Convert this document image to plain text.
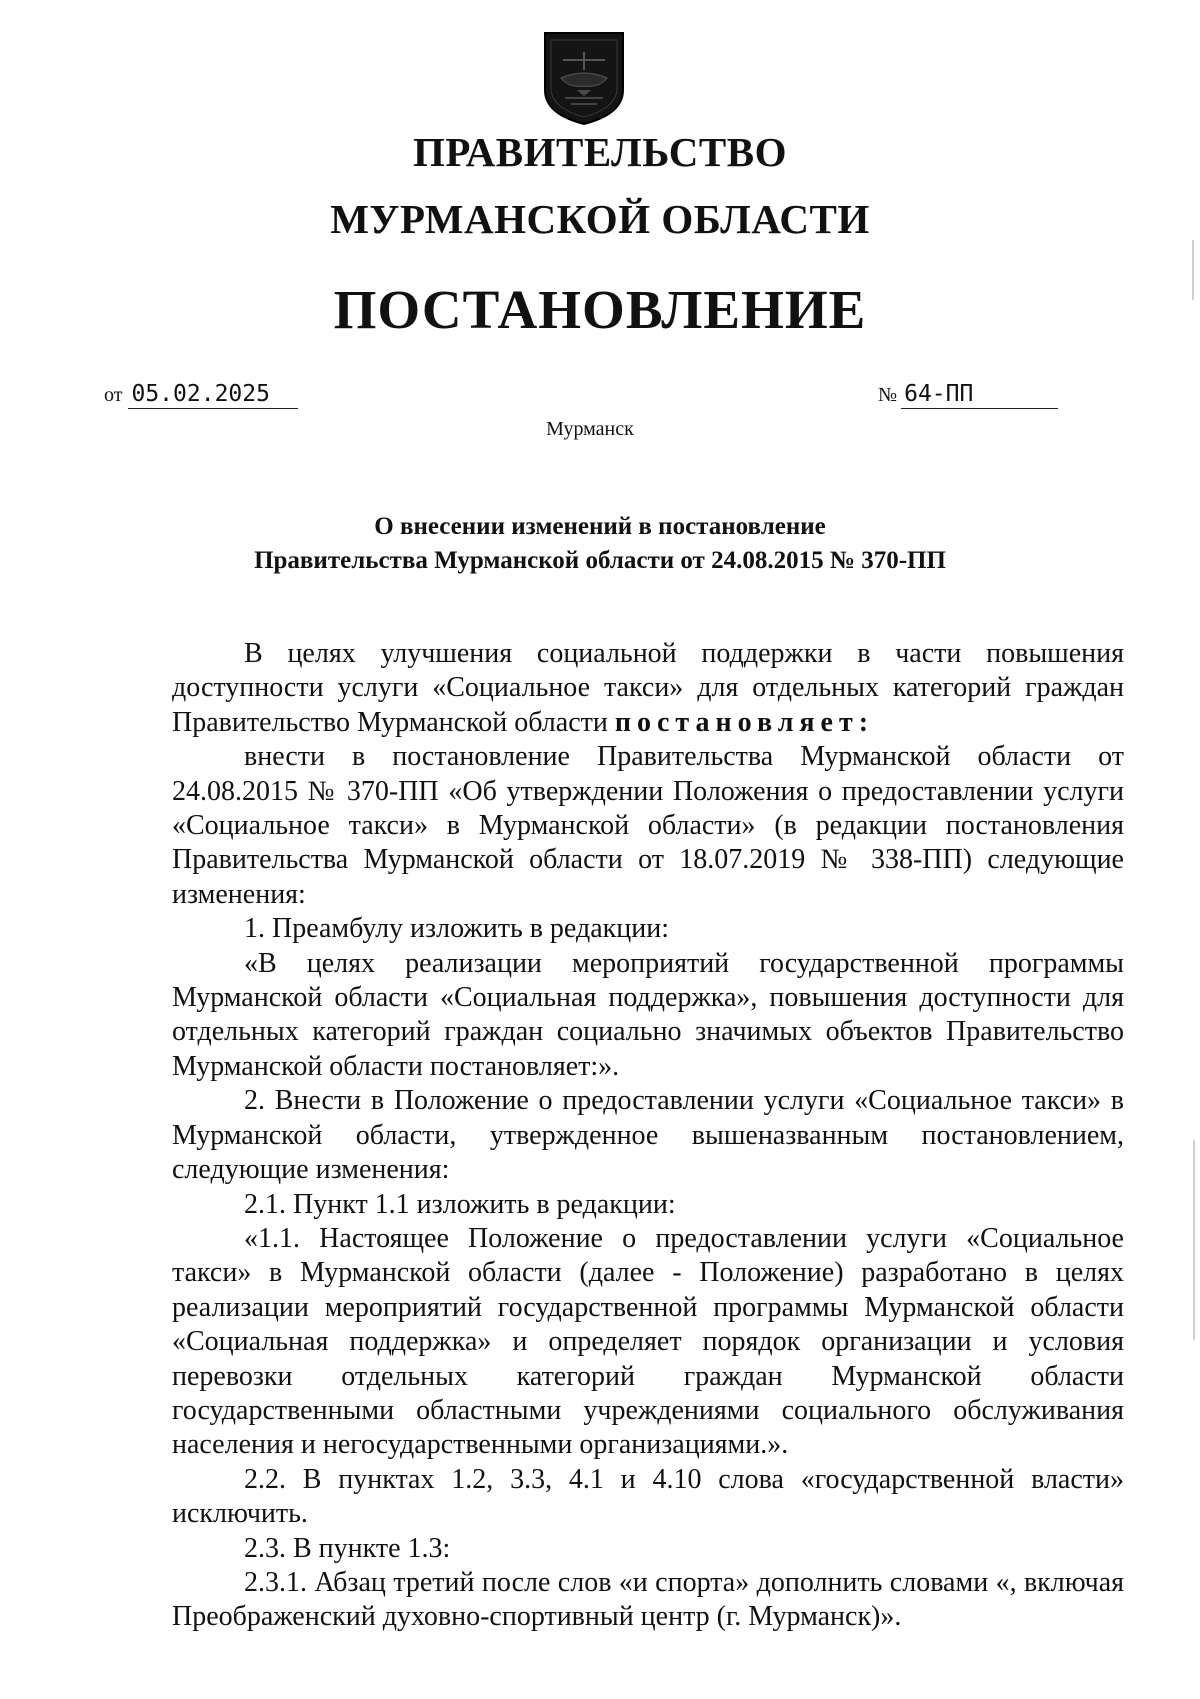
ПРАВИТЕЛЬСТВО
МУРМАНСКОЙ ОБЛАСТИ
ПОСТАНОВЛЕНИЕ
от 05.02.2025	№ 64-ПП
Мурманск
О внесении изменений в постановление
Правительства Мурманской области от 24.08.2015 № 370-ПП

В целях улучшения социальной поддержки в части повышения доступности услуги «Социальное такси» для отдельных категорий граждан Правительство Мурманской области постановляет:

внести в постановление Правительства Мурманской области от 24.08.2015 № 370-ПП «Об утверждении Положения о предоставлении услуги «Социальное такси» в Мурманской области» (в редакции постановления Правительства Мурманской области от 18.07.2019 № 338-ПП) следующие изменения:

1. Преамбулу изложить в редакции:

«В целях реализации мероприятий государственной программы Мурманской области «Социальная поддержка», повышения доступности для отдельных категорий граждан социально значимых объектов Правительство Мурманской области постановляет:».

2. Внести в Положение о предоставлении услуги «Социальное такси» в Мурманской области, утвержденное вышеназванным постановлением, следующие изменения:

2.1. Пункт 1.1 изложить в редакции:

«1.1. Настоящее Положение о предоставлении услуги «Социальное такси» в Мурманской области (далее - Положение) разработано в целях реализации мероприятий государственной программы Мурманской области «Социальная поддержка» и определяет порядок организации и условия перевозки отдельных категорий граждан Мурманской области государственными областными учреждениями социального обслуживания населения и негосударственными организациями.».

2.2. В пунктах 1.2, 3.3, 4.1 и 4.10 слова «государственной власти» исключить.

2.3. В пункте 1.3:

2.3.1. Абзац третий после слов «и спорта» дополнить словами «, включая Преображенский духовно-спортивный центр (г. Мурманск)».
